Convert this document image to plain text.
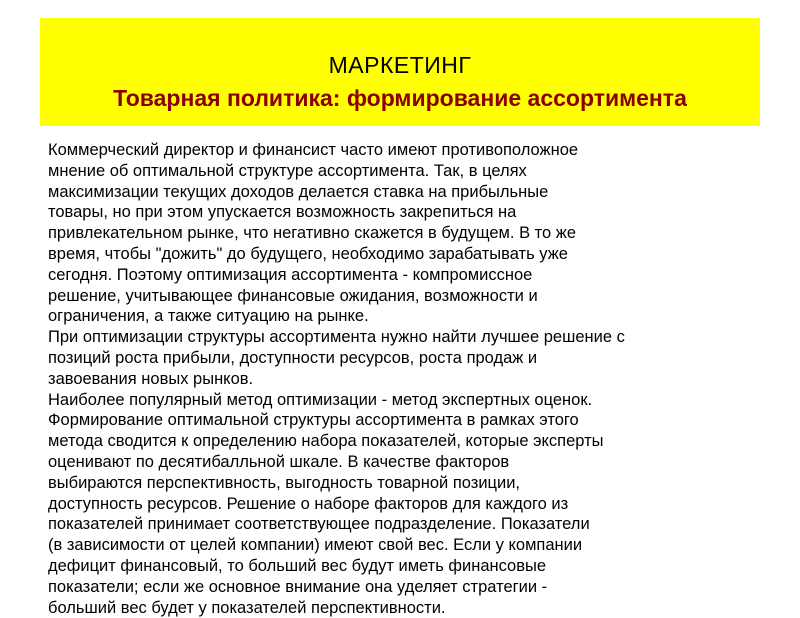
МАРКЕТИНГ
Товарная политика: формирование ассортимента

Коммерческий директор и финансист часто имеют противоположное
мнение об оптимальной структуре ассортимента. Так, в целях
максимизации текущих доходов делается ставка на прибыльные
товары, но при этом упускается возможность закрепиться на
привлекательном рынке, что негативно скажется в будущем. В то же
время, чтобы "дожить" до будущего, необходимо зарабатывать уже
сегодня. Поэтому оптимизация ассортимента - компромиссное
решение, учитывающее финансовые ожидания, возможности и
ограничения, а также ситуацию на рынке.

При оптимизации структуры ассортимента нужно найти лучшее решение с
позиций роста прибыли, доступности ресурсов, роста продаж и
завоевания новых рынков.

Наиболее популярный метод оптимизации - метод экспертных оценок.
Формирование оптимальной структуры ассортимента в рамках этого
метода сводится к определению набора показателей, которые эксперты
оценивают по десятибалльной шкале. В качестве факторов
выбираются перспективность, выгодность товарной позиции,
доступность ресурсов. Решение о наборе факторов для каждого из
показателей принимает соответствующее подразделение. Показатели
(в зависимости от целей компании) имеют свой вес. Если у компании
дефицит финансовый, то больший вес будут иметь финансовые
показатели; если же основное внимание она уделяет стратегии -
больший вес будет у показателей перспективности.
